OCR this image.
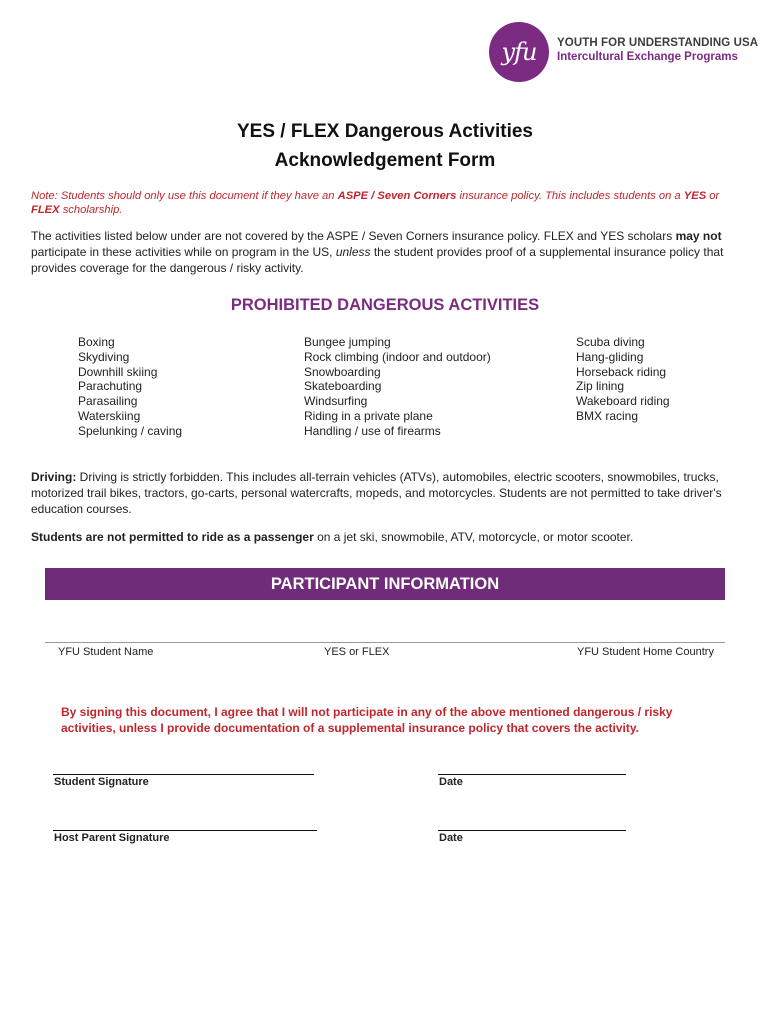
yfu YOUTH FOR UNDERSTANDING USA
Intercultural Exchange Programs
YES / FLEX Dangerous Activities
Acknowledgement Form
Note: Students should only use this document if they have an ASPE / Seven Corners insurance policy. This includes students on a YES or FLEX scholarship.
The activities listed below under are not covered by the ASPE / Seven Corners insurance policy. FLEX and YES scholars may not participate in these activities while on program in the US, unless the student provides proof of a supplemental insurance policy that provides coverage for the dangerous / risky activity.
PROHIBITED DANGEROUS ACTIVITIES
Boxing
Skydiving
Downhill skiing
Parachuting
Parasailing
Waterskiing
Spelunking / caving
Bungee jumping
Rock climbing (indoor and outdoor)
Snowboarding
Skateboarding
Windsurfing
Riding in a private plane
Handling / use of firearms
Scuba diving
Hang-gliding
Horseback riding
Zip lining
Wakeboard riding
BMX racing
Driving: Driving is strictly forbidden. This includes all-terrain vehicles (ATVs), automobiles, electric scooters, snowmobiles, trucks, motorized trail bikes, tractors, go-carts, personal watercrafts, mopeds, and motorcycles. Students are not permitted to take driver's education courses.
Students are not permitted to ride as a passenger on a jet ski, snowmobile, ATV, motorcycle, or motor scooter.
PARTICIPANT INFORMATION
YFU Student Name	YES or FLEX	YFU Student Home Country
By signing this document, I agree that I will not participate in any of the above mentioned dangerous / risky activities, unless I provide documentation of a supplemental insurance policy that covers the activity.
Student Signature	Date
Host Parent Signature	Date
